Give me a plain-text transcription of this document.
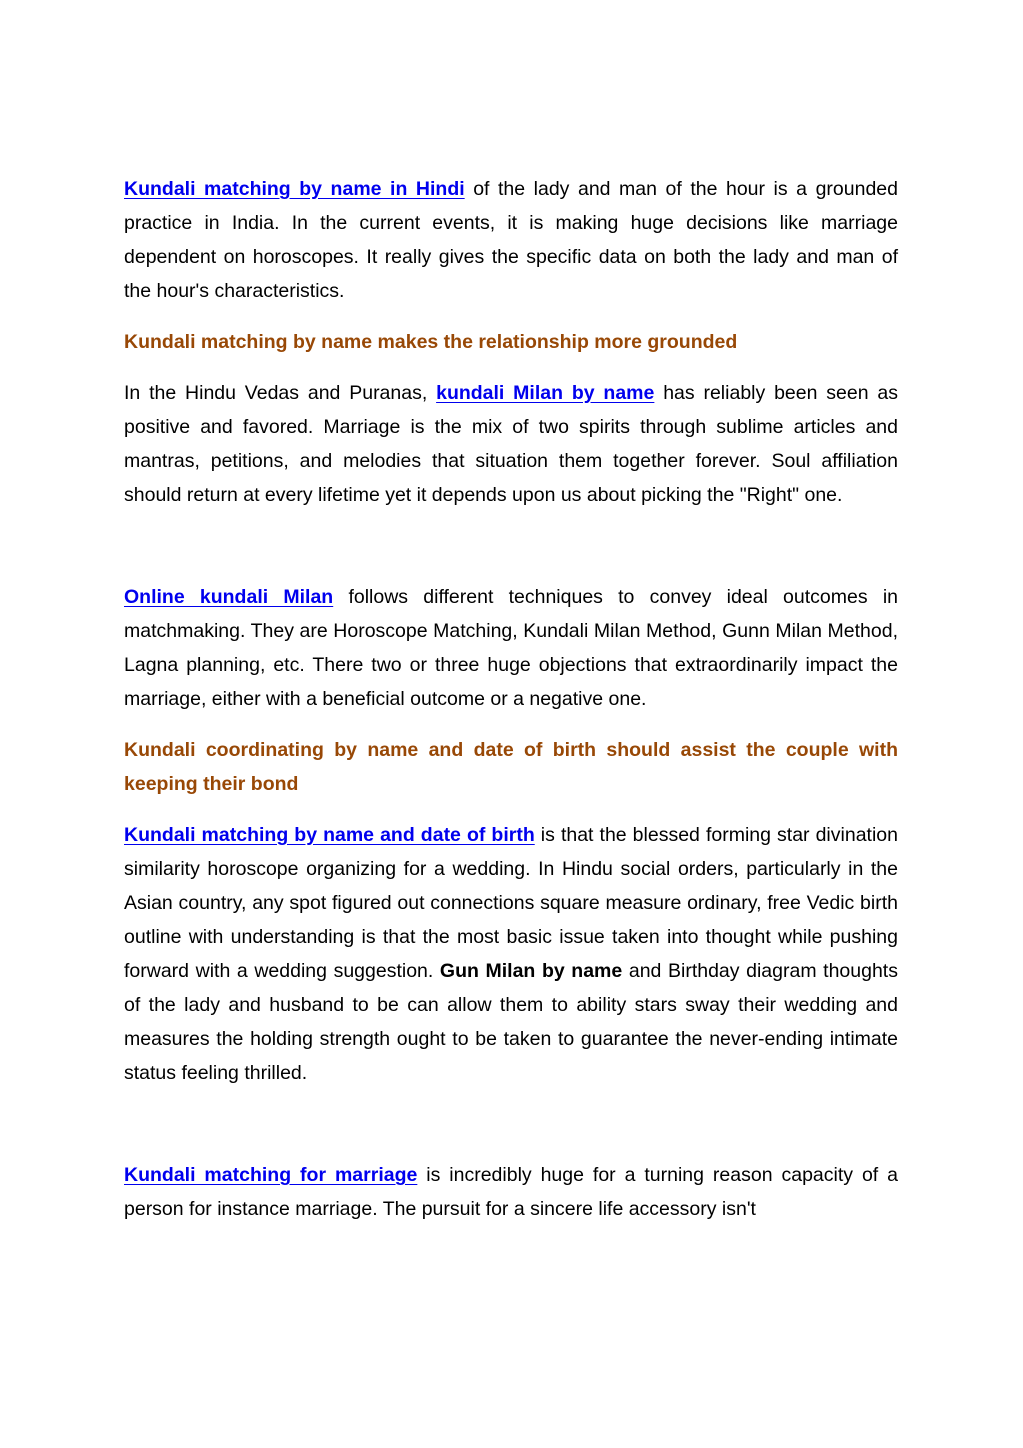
Kundali matching by name in Hindi of the lady and man of the hour is a grounded practice in India. In the current events, it is making huge decisions like marriage dependent on horoscopes. It really gives the specific data on both the lady and man of the hour's characteristics.

Kundali matching by name makes the relationship more grounded

In the Hindu Vedas and Puranas, kundali Milan by name has reliably been seen as positive and favored. Marriage is the mix of two spirits through sublime articles and mantras, petitions, and melodies that situation them together forever. Soul affiliation should return at every lifetime yet it depends upon us about picking the "Right" one.

Online kundali Milan follows different techniques to convey ideal outcomes in matchmaking. They are Horoscope Matching, Kundali Milan Method, Gunn Milan Method, Lagna planning, etc. There two or three huge objections that extraordinarily impact the marriage, either with a beneficial outcome or a negative one.

Kundali coordinating by name and date of birth should assist the couple with keeping their bond

Kundali matching by name and date of birth is that the blessed forming star divination similarity horoscope organizing for a wedding. In Hindu social orders, particularly in the Asian country, any spot figured out connections square measure ordinary, free Vedic birth outline with understanding is that the most basic issue taken into thought while pushing forward with a wedding suggestion. Gun Milan by name and Birthday diagram thoughts of the lady and husband to be can allow them to ability stars sway their wedding and measures the holding strength ought to be taken to guarantee the never-ending intimate status feeling thrilled.

Kundali matching for marriage is incredibly huge for a turning reason capacity of a person for instance marriage. The pursuit for a sincere life accessory isn't
